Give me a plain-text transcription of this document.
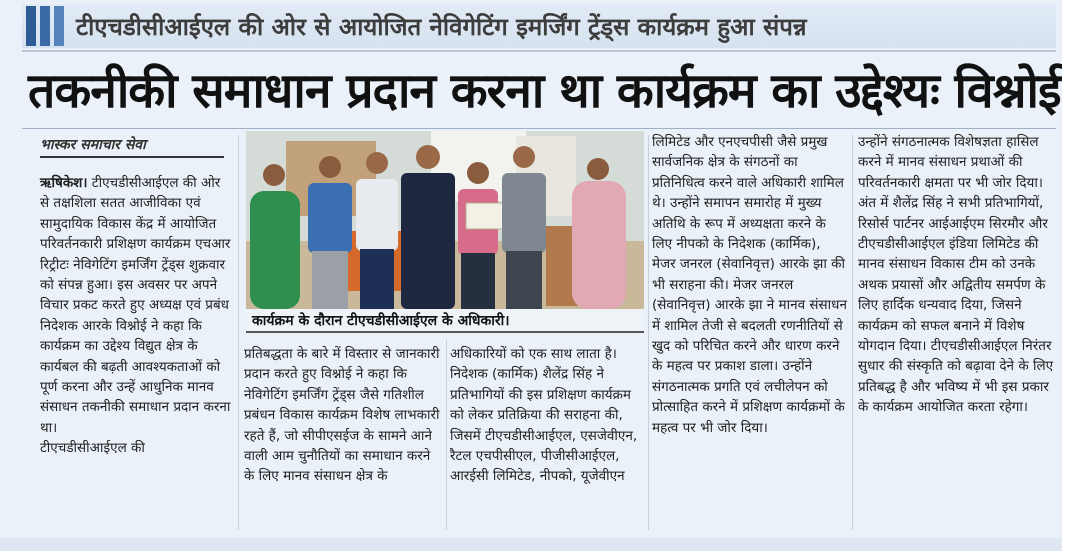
टीएचडीसीआईएल की ओर से आयोजित नेविगेटिंग इमर्जिंग ट्रेंड्स कार्यक्रम हुआ संपन्न
तकनीकी समाधान प्रदान करना था कार्यक्रम का उद्देश्यः विश्नोई
भास्कर समाचार सेवा
ऋषिकेश। टीएचडीसीआईएल की ओर से तक्षशिला सतत आजीविका एवं सामुदायिक विकास केंद्र में आयोजित परिवर्तनकारी प्रशिक्षण कार्यक्रम एचआर रिट्रीटः नेविगेटिंग इमर्जिंग ट्रेंड्स शुक्रवार को संपन्न हुआ। इस अवसर पर अपने विचार प्रकट करते हुए अध्यक्ष एवं प्रबंध निदेशक आरके विश्नोई ने कहा कि कार्यक्रम का उद्देश्य विद्युत क्षेत्र के कार्यबल की बढ़ती आवश्यकताओं को पूर्ण करना और उन्हें आधुनिक मानव संसाधन तकनीकी समाधान प्रदान करना था।
टीएचडीसीआईएल की
कार्यक्रम के दौरान टीएचडीसीआईएल के अधिकारी।
प्रतिबद्धता के बारे में विस्तार से जानकारी प्रदान करते हुए विश्नोई ने कहा कि नेविगेटिंग इमर्जिंग ट्रेंड्स जैसे गतिशील प्रबंधन विकास कार्यक्रम विशेष लाभकारी रहते हैं, जो सीपीएसईज के सामने आने वाली आम चुनौतियों का समाधान करने के लिए मानव संसाधन क्षेत्र के
अधिकारियों को एक साथ लाता है। निदेशक (कार्मिक) शैलेंद्र सिंह ने प्रतिभागियों की इस प्रशिक्षण कार्यक्रम को लेकर प्रतिक्रिया की सराहना की, जिसमें टीएचडीसीआईएल, एसजेवीएन, रैटल एचपीसीएल, पीजीसीआईएल, आरईसी लिमिटेड, नीपको, यूजेवीएन
लिमिटेड और एनएचपीसी जैसे प्रमुख सार्वजनिक क्षेत्र के संगठनों का प्रतिनिधित्व करने वाले अधिकारी शामिल थे। उन्होंने समापन समारोह में मुख्य अतिथि के रूप में अध्यक्षता करने के लिए नीपको के निदेशक (कार्मिक), मेजर जनरल (सेवानिवृत्त) आरके झा की भी सराहना की। मेजर जनरल (सेवानिवृत्त) आरके झा ने मानव संसाधन में शामिल तेजी से बदलती रणनीतियों से खुद को परिचित करने और धारण करने के महत्व पर प्रकाश डाला। उन्होंने संगठनात्मक प्रगति एवं लचीलेपन को प्रोत्साहित करने में प्रशिक्षण कार्यक्रमों के महत्व पर भी जोर दिया।
उन्होंने संगठनात्मक विशेषज्ञता हासिल करने में मानव संसाधन प्रथाओं की परिवर्तनकारी क्षमता पर भी जोर दिया। अंत में शैलेंद्र सिंह ने सभी प्रतिभागियों, रिसोर्स पार्टनर आईआईएम सिरमौर और टीएचडीसीआईएल इंडिया लिमिटेड की मानव संसाधन विकास टीम को उनके अथक प्रयासों और अद्वितीय समर्पण के लिए हार्दिक धन्यवाद दिया, जिसने कार्यक्रम को सफल बनाने में विशेष योगदान दिया। टीएचडीसीआईएल निरंतर सुधार की संस्कृति को बढ़ावा देने के लिए प्रतिबद्ध है और भविष्य में भी इस प्रकार के कार्यक्रम आयोजित करता रहेगा।
